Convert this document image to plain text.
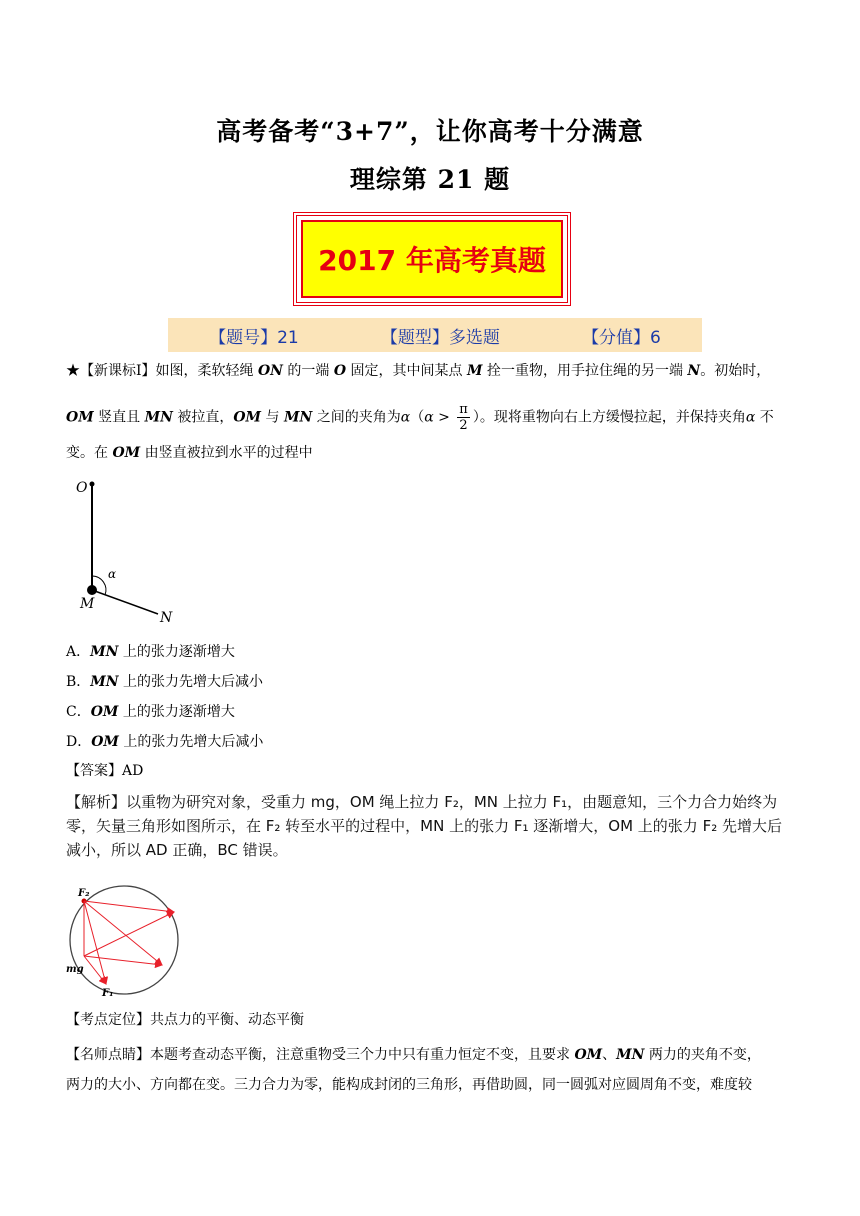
高考备考“3+7”，让你高考十分满意
理综第 21 题
2017 年高考真题
【题号】21	【题型】多选题	【分值】6
★【新课标Ⅰ】如图，柔软轻绳 ON 的一端 O 固定，其中间某点 M 拴一重物，用手拉住绳的另一端 N。初始时，
OM 竖直且 MN 被拉直，OM 与 MN 之间的夹角为$\alpha(\alpha > \frac{\pi}{2}$ ）。现将重物向右上方缓慢拉起，并保持夹角α 不
变。在 OM 由竖直被拉到水平的过程中
O
α
M
N
A．MN 上的张力逐渐增大
B．MN 上的张力先增大后减小
C．OM 上的张力逐渐增大
D．OM 上的张力先增大后减小
【答案】AD
【解析】以重物为研究对象，受重力 mg，OM 绳上拉力 F₂，MN 上拉力 F₁，由题意知，三个力合力始终为
零，矢量三角形如图所示，在 F₂ 转至水平的过程中，MN 上的张力 F₁ 逐渐增大，OM 上的张力 F₂ 先增大后
减小，所以 AD 正确，BC 错误。
F₂
mg
F₁
【考点定位】共点力的平衡、动态平衡
【名师点睛】本题考查动态平衡，注意重物受三个力中只有重力恒定不变，且要求 OM、MN 两力的夹角不变，
两力的大小、方向都在变。三力合力为零，能构成封闭的三角形，再借助圆，同一圆弧对应圆周角不变，难度较
